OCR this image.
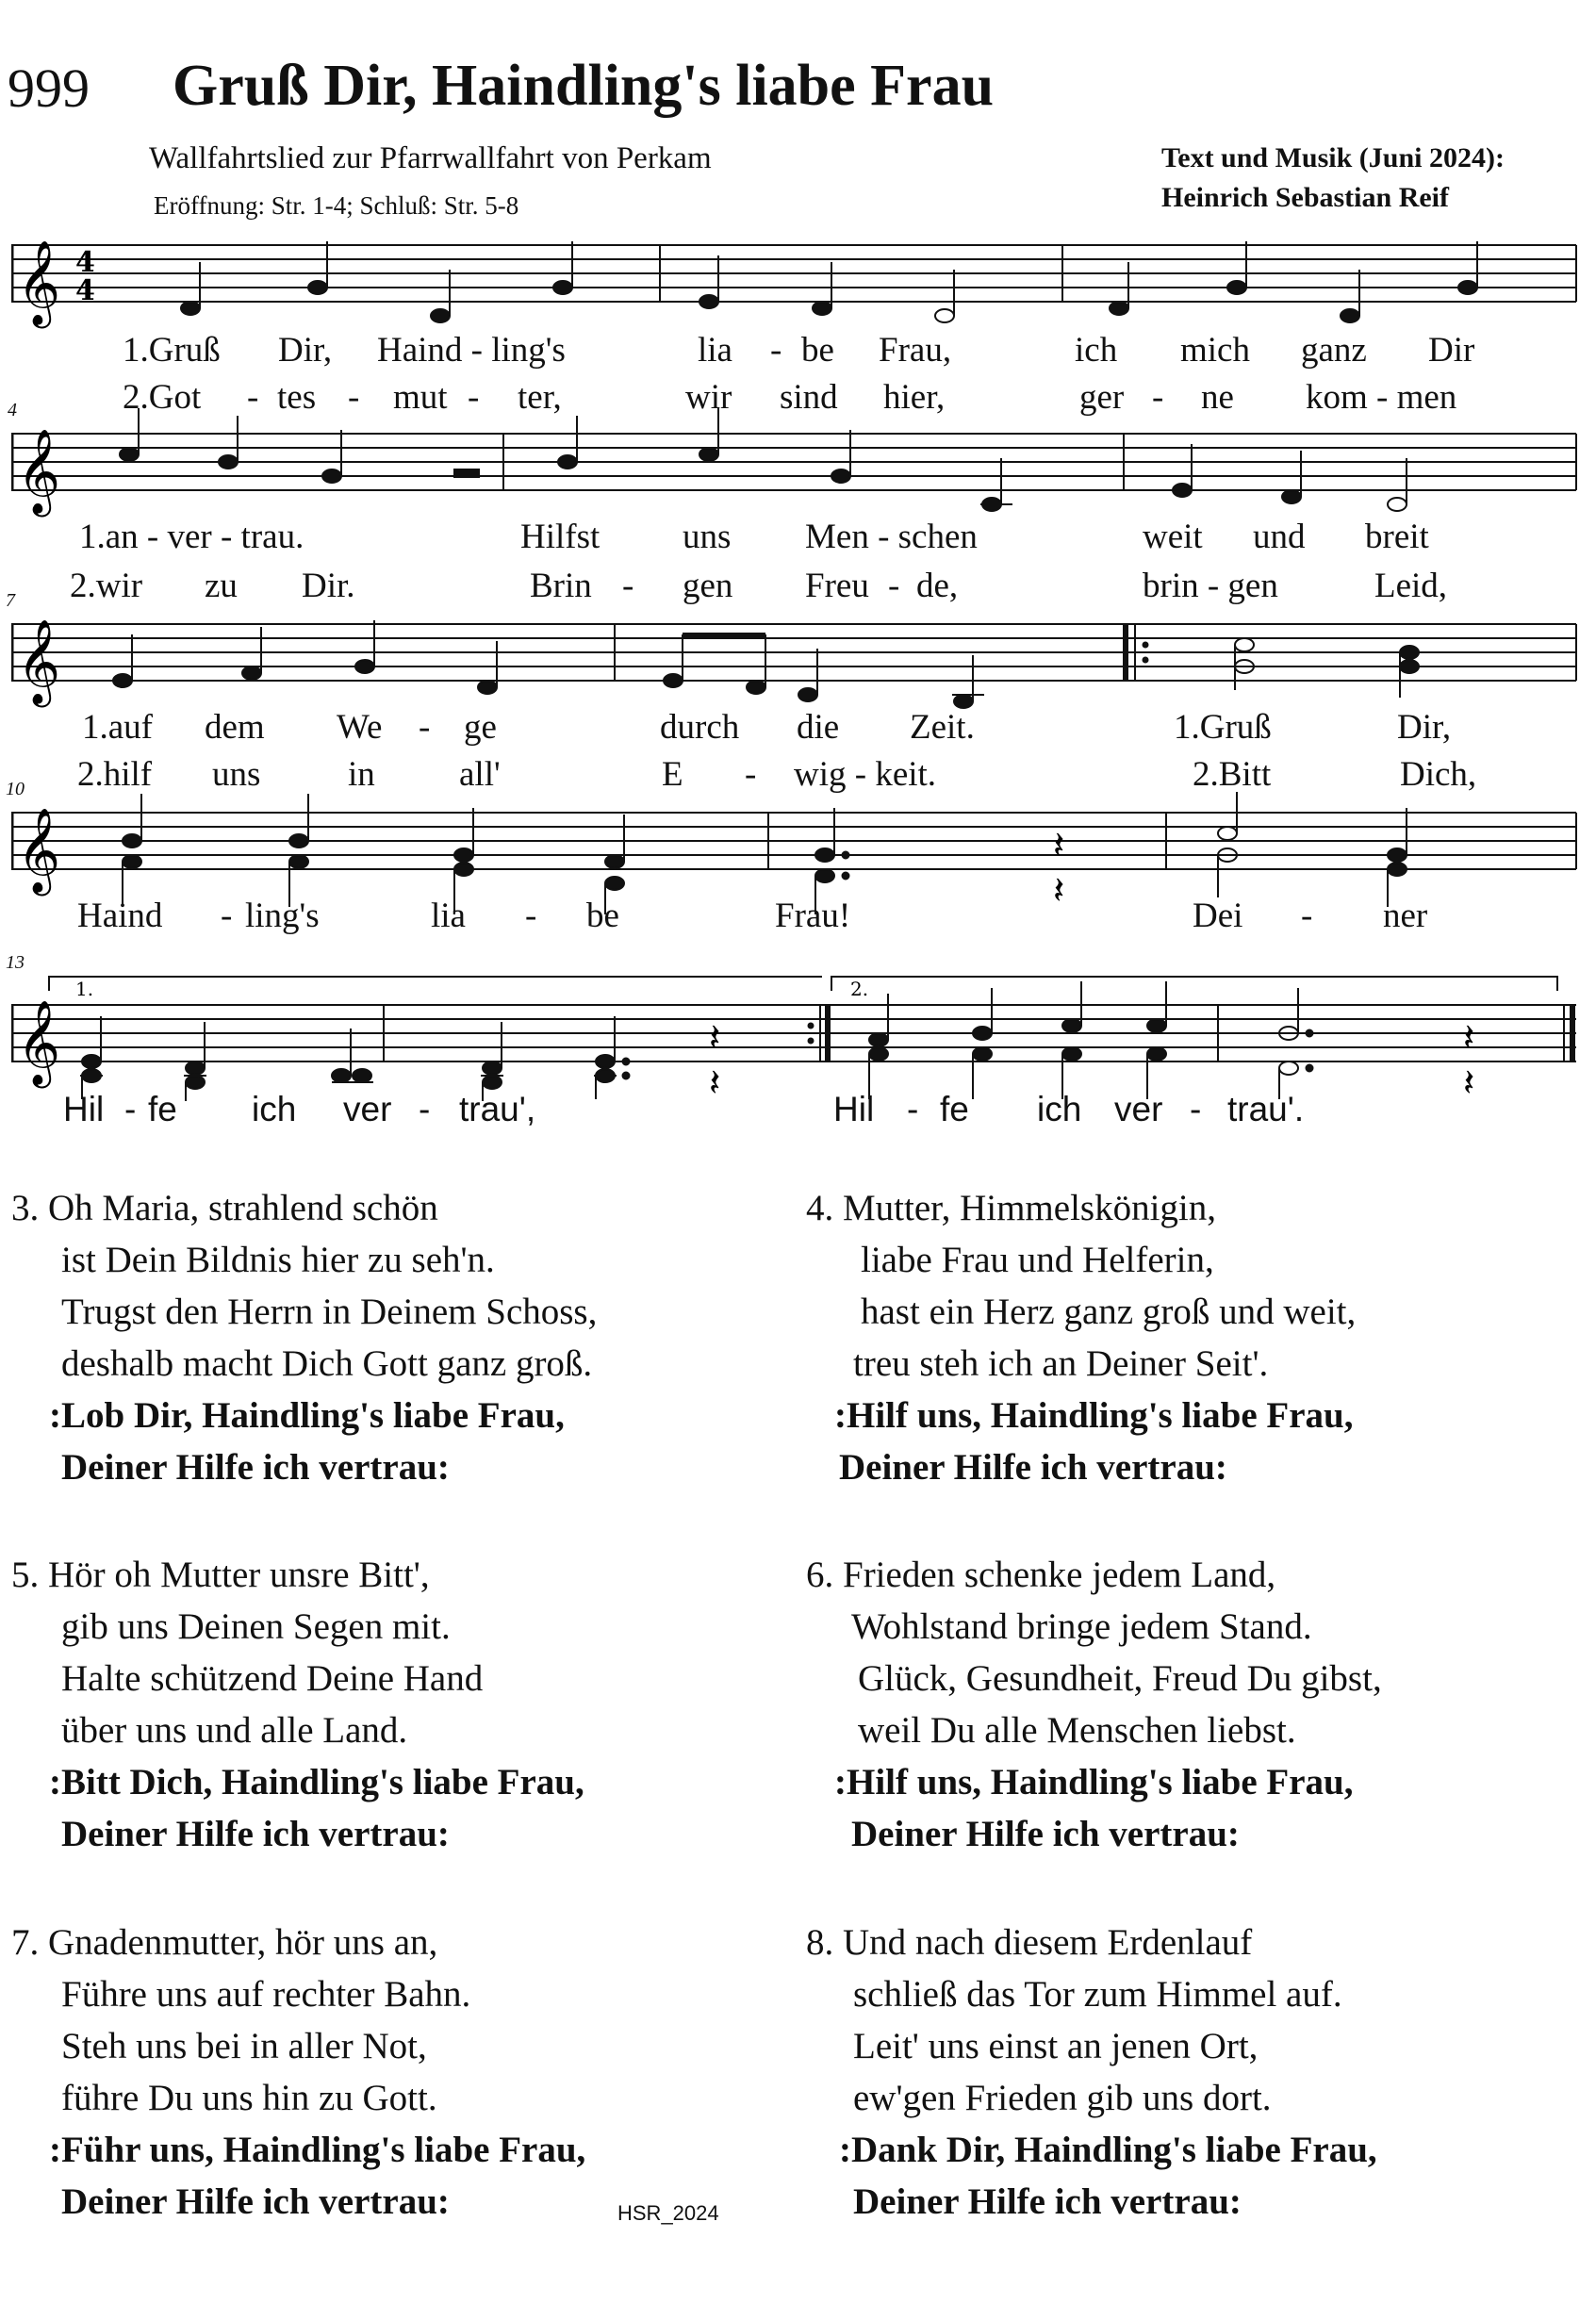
999 Gruß Dir, Haindling's liabe Frau
Wallfahrtslied zur Pfarrwallfahrt von Perkam
Eröffnung: Str. 1-4; Schluß: Str. 5-8
Text und Musik (Juni 2024):
Heinrich Sebastian Reif
𝄞 4
4
1.Gruß Dir, Haind - ling's	lia - be Frau,	ich mich ganz Dir
2.Got - tes - mut - ter,	wir sind hier,	ger - ne kom - men
4
𝄞
1.an - ver - trau.	Hilfst uns Men - schen	weit und breit
2.wir zu Dir.	Brin - gen Freu - de,	brin - gen	Leid,
7
𝄞
1.auf dem We - ge	durch die Zeit.	1.Gruß	Dir,
2.hilf uns	in all'	E - wig - keit.	2.Bitt	Dich,
10
𝄞	𝄽
𝄽
Haind - ling's	lia - be	Frau!	Dei - ner
13
1.	2.
𝄞	𝄽
𝄽
𝄽
𝄽
Hil - fe ich ver - trau',	Hil - fe ich ver - trau'.
3. Oh Maria, strahlend schön
ist Dein Bildnis hier zu seh'n.
Trugst den Herrn in Deinem Schoss,
deshalb macht Dich Gott ganz groß.
:Lob Dir, Haindling's liabe Frau,
Deiner Hilfe ich vertrau:
4. Mutter, Himmelskönigin,
liabe Frau und Helferin,
hast ein Herz ganz groß und weit,
treu steh ich an Deiner Seit'.
:Hilf uns, Haindling's liabe Frau,
Deiner Hilfe ich vertrau:
5. Hör oh Mutter unsre Bitt',
gib uns Deinen Segen mit.
Halte schützend Deine Hand
über uns und alle Land.
:Bitt Dich, Haindling's liabe Frau,
Deiner Hilfe ich vertrau:
6. Frieden schenke jedem Land,
Wohlstand bringe jedem Stand.
Glück, Gesundheit, Freud Du gibst,
weil Du alle Menschen liebst.
:Hilf uns, Haindling's liabe Frau,
Deiner Hilfe ich vertrau:
7. Gnadenmutter, hör uns an,
Führe uns auf rechter Bahn.
Steh uns bei in aller Not,
führe Du uns hin zu Gott.
:Führ uns, Haindling's liabe Frau,
Deiner Hilfe ich vertrau:
8. Und nach diesem Erdenlauf
schließ das Tor zum Himmel auf.
Leit' uns einst an jenen Ort,
ew'gen Frieden gib uns dort.
:Dank Dir, Haindling's liabe Frau,
Deiner Hilfe ich vertrau:
HSR_2024
